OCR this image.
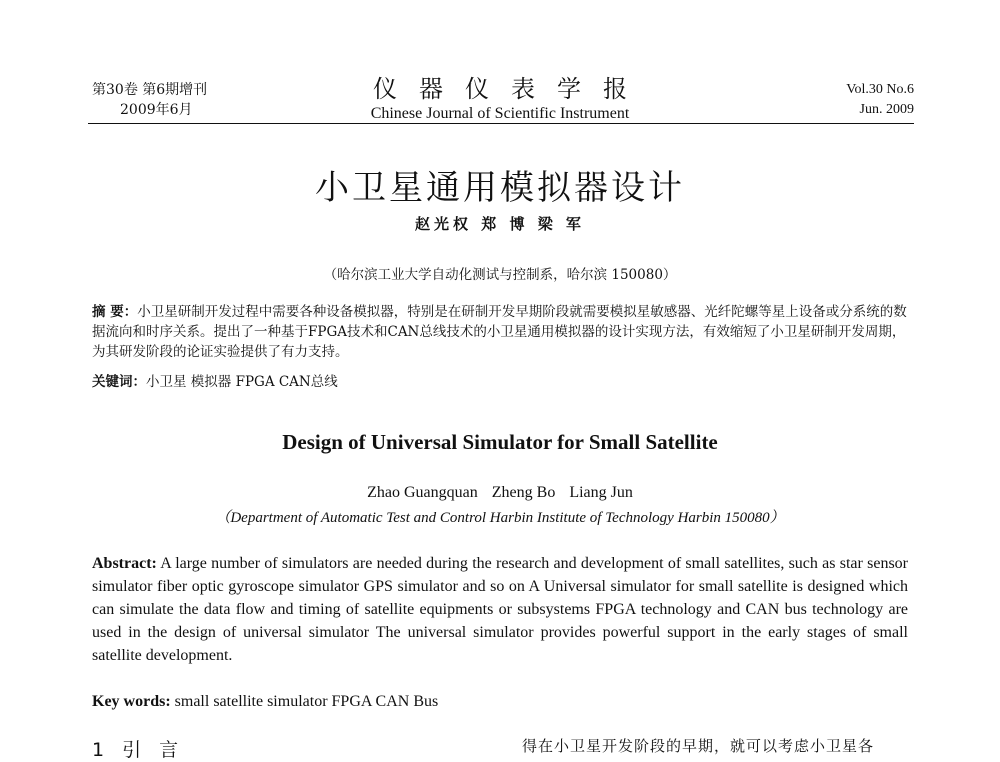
第30卷 第6期增刊
2009年6月
仪器仪表学报
Chinese Journal of Scientific Instrument
Vol.30 No.6
Jun. 2009
小卫星通用模拟器设计
赵光权 郑 博 梁 军
（哈尔滨工业大学自动化测试与控制系，哈尔滨 150080）
摘 要：小卫星研制开发过程中需要各种设备模拟器，特别是在研制开发早期阶段就需要模拟星敏感器、光纤陀螺等星上设备或分系统的数据流向和时序关系。提出了一种基于FPGA技术和CAN总线技术的小卫星通用模拟器的设计实现方法，有效缩短了小卫星研制开发周期，为其研发阶段的论证实验提供了有力支持。
关键词：小卫星 模拟器 FPGA CAN总线
Design of Universal Simulator for Small Satellite
Zhao Guangquan Zheng Bo Liang Jun
（Department of Automatic Test and Control Harbin Institute of Technology Harbin 150080）
Abstract: A large number of simulators are needed during the research and development of small satellites, such as star sensor simulator fiber optic gyroscope simulator GPS simulator and so on A Universal simulator for small satellite is designed which can simulate the data flow and timing of satellite equipments or subsystems FPGA technology and CAN bus technology are used in the design of universal simulator The universal simulator provides powerful support in the early stages of small satellite development.
Key words: small satellite simulator FPGA CAN Bus
1 引 言	得在小卫星开发阶段的早期，就可以考虑小卫星各
